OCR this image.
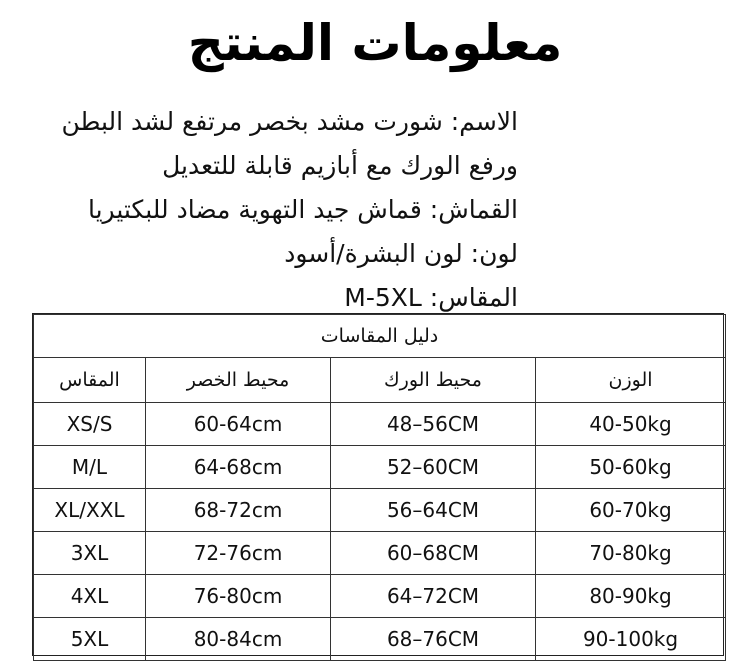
معلومات المنتج
الاسم: شورت مشد بخصر مرتفع لشد البطن
ورفع الورك مع أبازيم قابلة للتعديل
القماش: قماش جيد التهوية مضاد للبكتيريا
لون: لون البشرة/أسود
المقاس: M-5XL
دليل المقاسات			
المقاس	محيط الخصر	محيط الورك	الوزن
XS/S	60-64cm	48–56CM	40-50kg
M/L	64-68cm	52–60CM	50-60kg
XL/XXL	68-72cm	56–64CM	60-70kg
3XL	72-76cm	60–68CM	70-80kg
4XL	76-80cm	64–72CM	80-90kg
5XL	80-84cm	68–76CM	90-100kg
